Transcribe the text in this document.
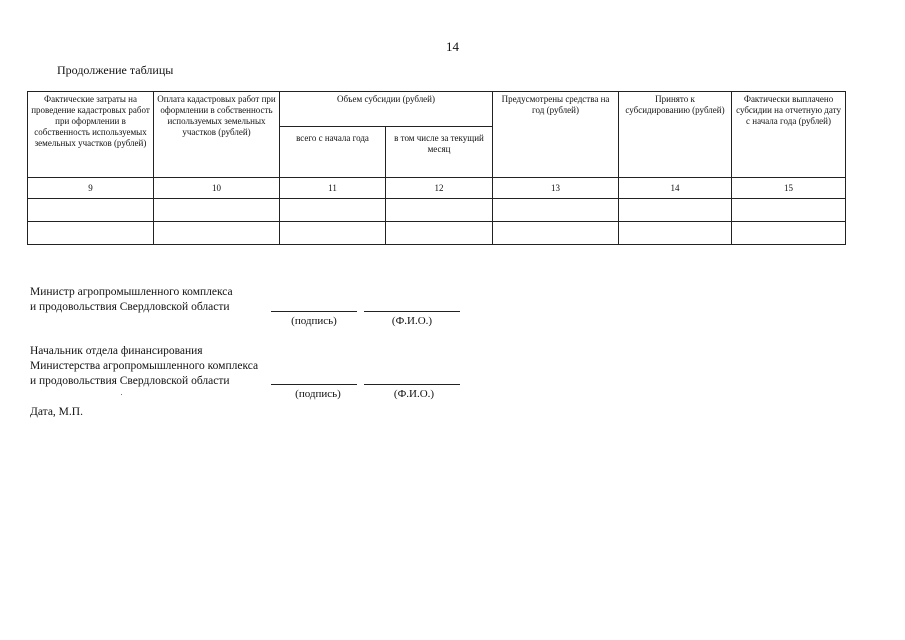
14
Продолжение таблицы
Фактические затраты на проведение кадастровых работ при оформлении в собственность используемых земельных участков (рублей)	Оплата кадастровых работ при оформлении в собственность используемых земельных участков (рублей)	Объем субсидии (рублей)		Предусмотрены средства на год (рублей)	Принято к субсидированию (рублей)	Фактически выплачено субсидии на отчетную дату с начала года (рублей)
		всего с начала года	в том числе за текущий месяц			
9	10	11	12	13	14	15

Министр агропромышленного комплекса
и продовольствия Свердловской области
(подпись)	(Ф.И.О.)
Начальник отдела финансирования
Министерства агропромышленного комплекса
и продовольствия Свердловской области
(подпись)	(Ф.И.О.)
Дата, М.П.
